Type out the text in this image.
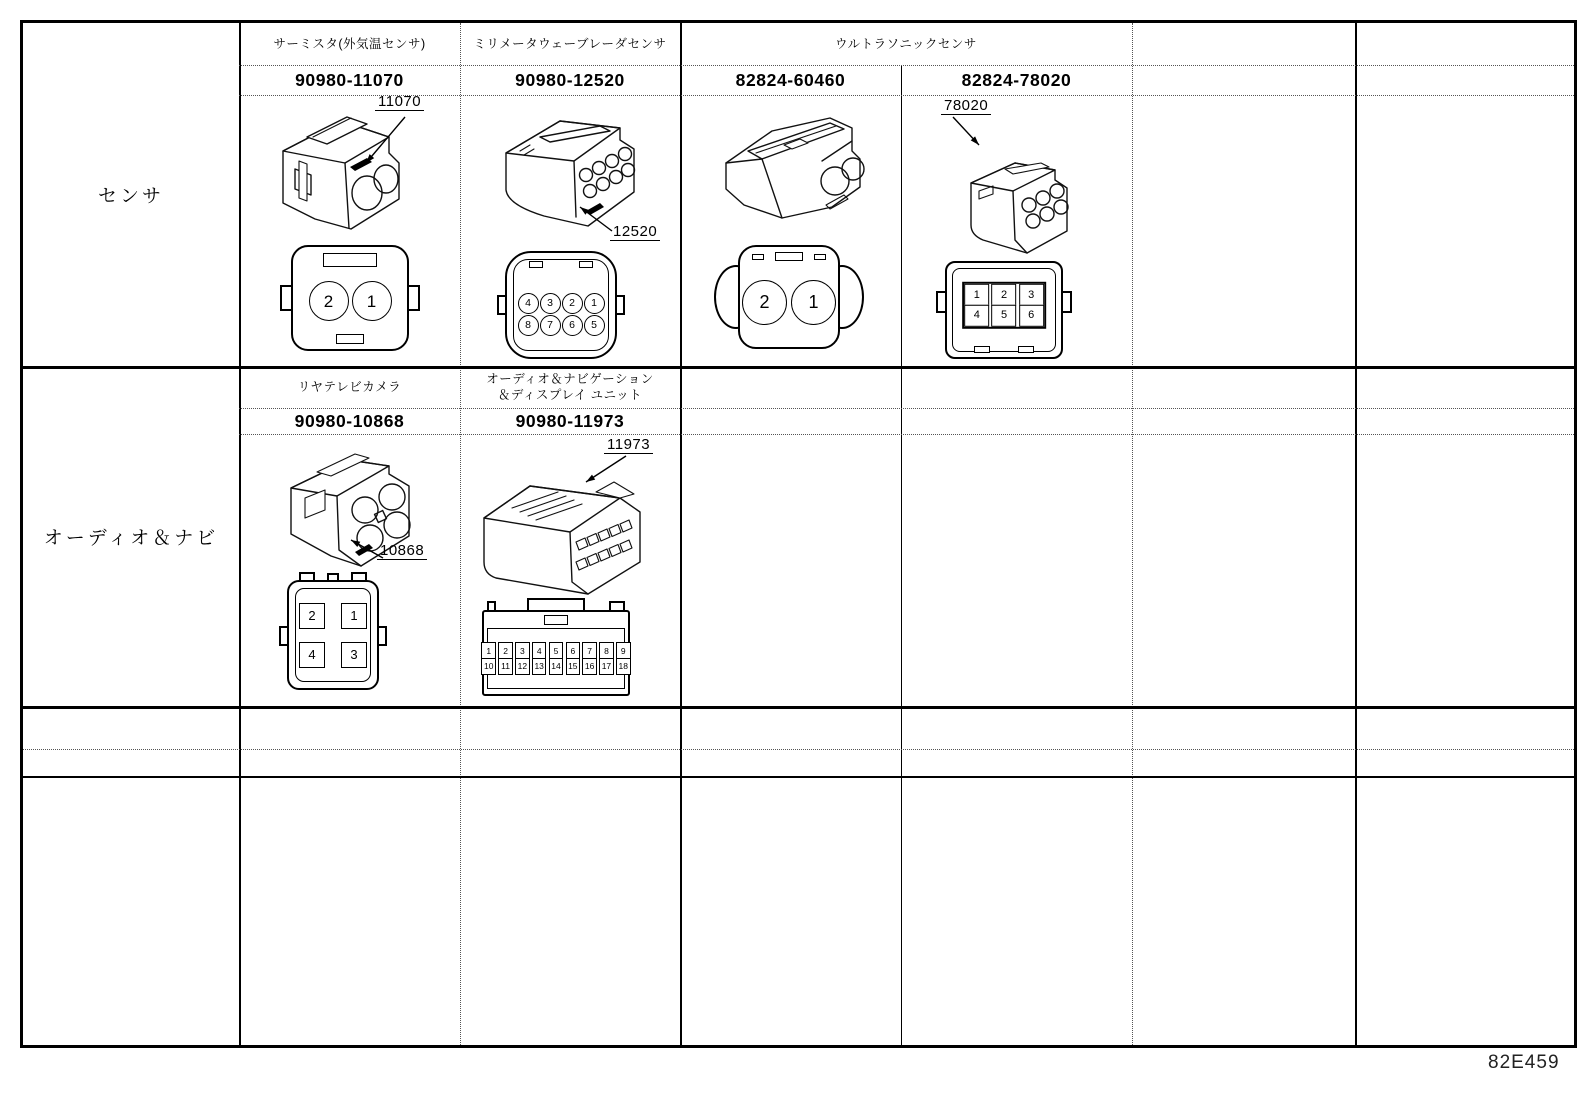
センサ
オーディオ＆ナビ
サーミスタ(外気温センサ)	ミリメータウェーブレーダセンサ	ウルトラソニックセンサ
90980-11070	90980-12520	82824-60460	82824-78020
11070
2	1
12520
4	3	2	1
8	7	6	5
2	1
78020
1	2	3
4	5	6
リヤテレビカメラ
オーディオ＆ナビゲーション
＆ディスプレイ ユニット
90980-10868	90980-11973
10868
2	1
4	3
11973
1	2	3	4	5	6	7	8	9
10 11 12 13 14 15 16 17 18
82E459
